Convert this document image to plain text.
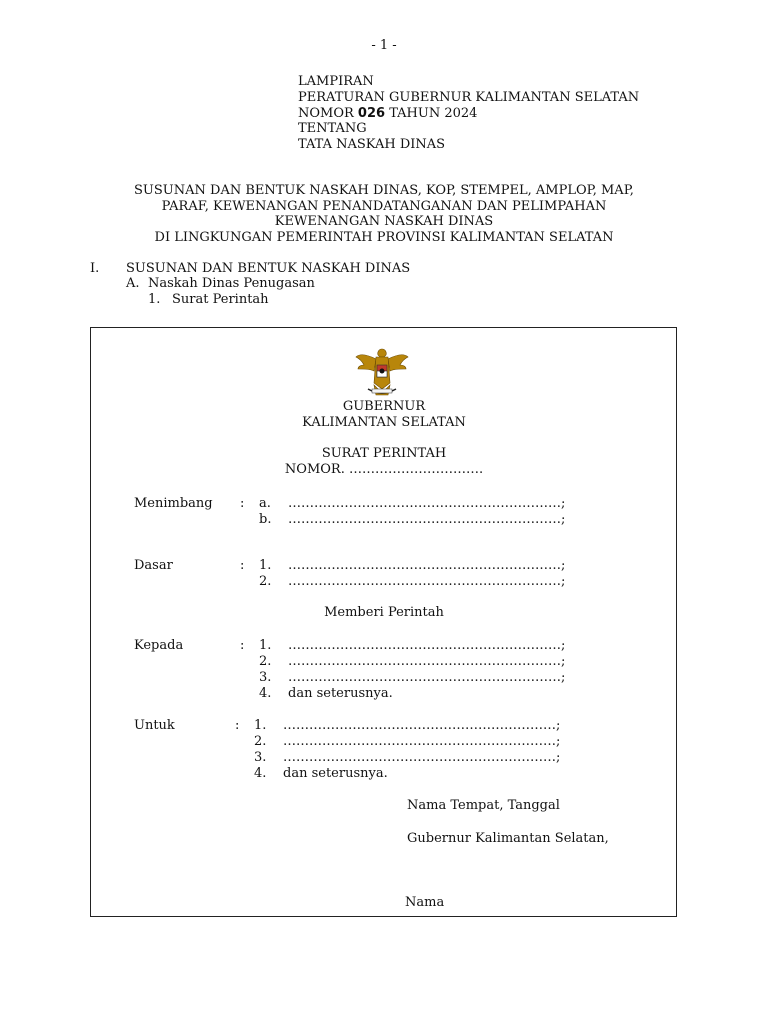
- 1 -
LAMPIRAN
PERATURAN GUBERNUR KALIMANTAN SELATAN
NOMOR 026 TAHUN 2024
TENTANG
TATA NASKAH DINAS
SUSUNAN DAN BENTUK NASKAH DINAS, KOP, STEMPEL, AMPLOP, MAP,
PARAF, KEWENANGAN PENANDATANGANAN DAN PELIMPAHAN
KEWENANGAN NASKAH DINAS
DI LINGKUNGAN PEMERINTAH PROVINSI KALIMANTAN SELATAN
I. SUSUNAN DAN BENTUK NASKAH DINAS
A. Naskah Dinas Penugasan
1. Surat Perintah
GUBERNUR
KALIMANTAN SELATAN
SURAT PERINTAH
NOMOR. ………………………….
Menimbang : a. ………………………………………………………;
b. ………………………………………………………;
Dasar	: 1. ………………………………………………………;
2. ………………………………………………………;
Memberi Perintah
Kepada	: 1. ………………………………………………………;
2. ………………………………………………………;
3. ………………………………………………………;
4. dan seterusnya.
Untuk	: 1. ………………………………………………………;
2. ………………………………………………………;
3. ………………………………………………………;
4. dan seterusnya.
Nama Tempat, Tanggal
Gubernur Kalimantan Selatan,
Nama
